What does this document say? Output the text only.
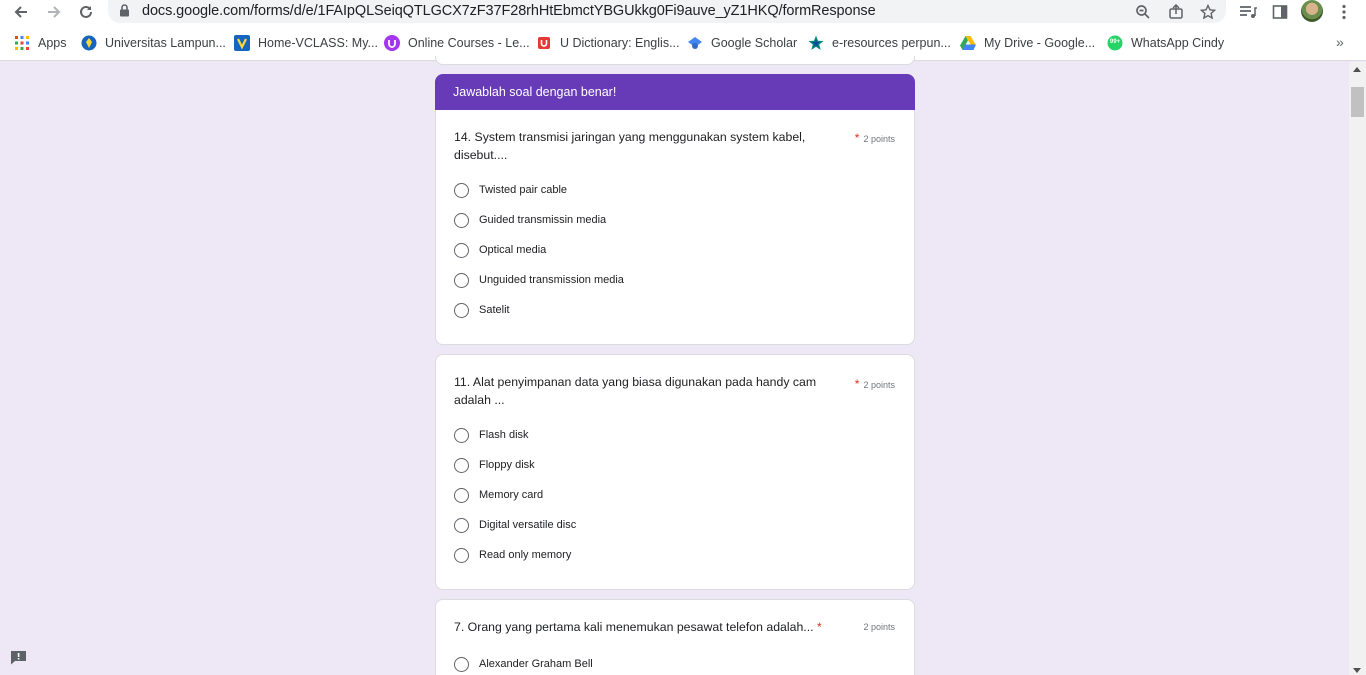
docs.google.com/forms/d/e/1FAIpQLSeiqQTLGCX7zF37F28rhHtEbmctYBGUkkg0Fi9auve_yZ1HKQ/formResponse
Apps	Universitas Lampun...	Home-VCLASS: My... Online Courses - Le... U Dictionary: Englis...	Google Scholar	e-resources perpun...	My Drive - Google...	99+ WhatsApp Cindy	»
Jawablah soal dengan benar!
14. System transmisi jaringan yang menggunakan system kabel, disebut....
* 2 points
Twisted pair cable
Guided transmissin media
Optical media
Unguided transmission media
Satelit
11. Alat penyimpanan data yang biasa digunakan pada handy cam adalah ...
* 2 points
Flash disk
Floppy disk
Memory card
Digital versatile disc
Read only memory
7. Orang yang pertama kali menemukan pesawat telefon adalah... *	2 points
Alexander Graham Bell
